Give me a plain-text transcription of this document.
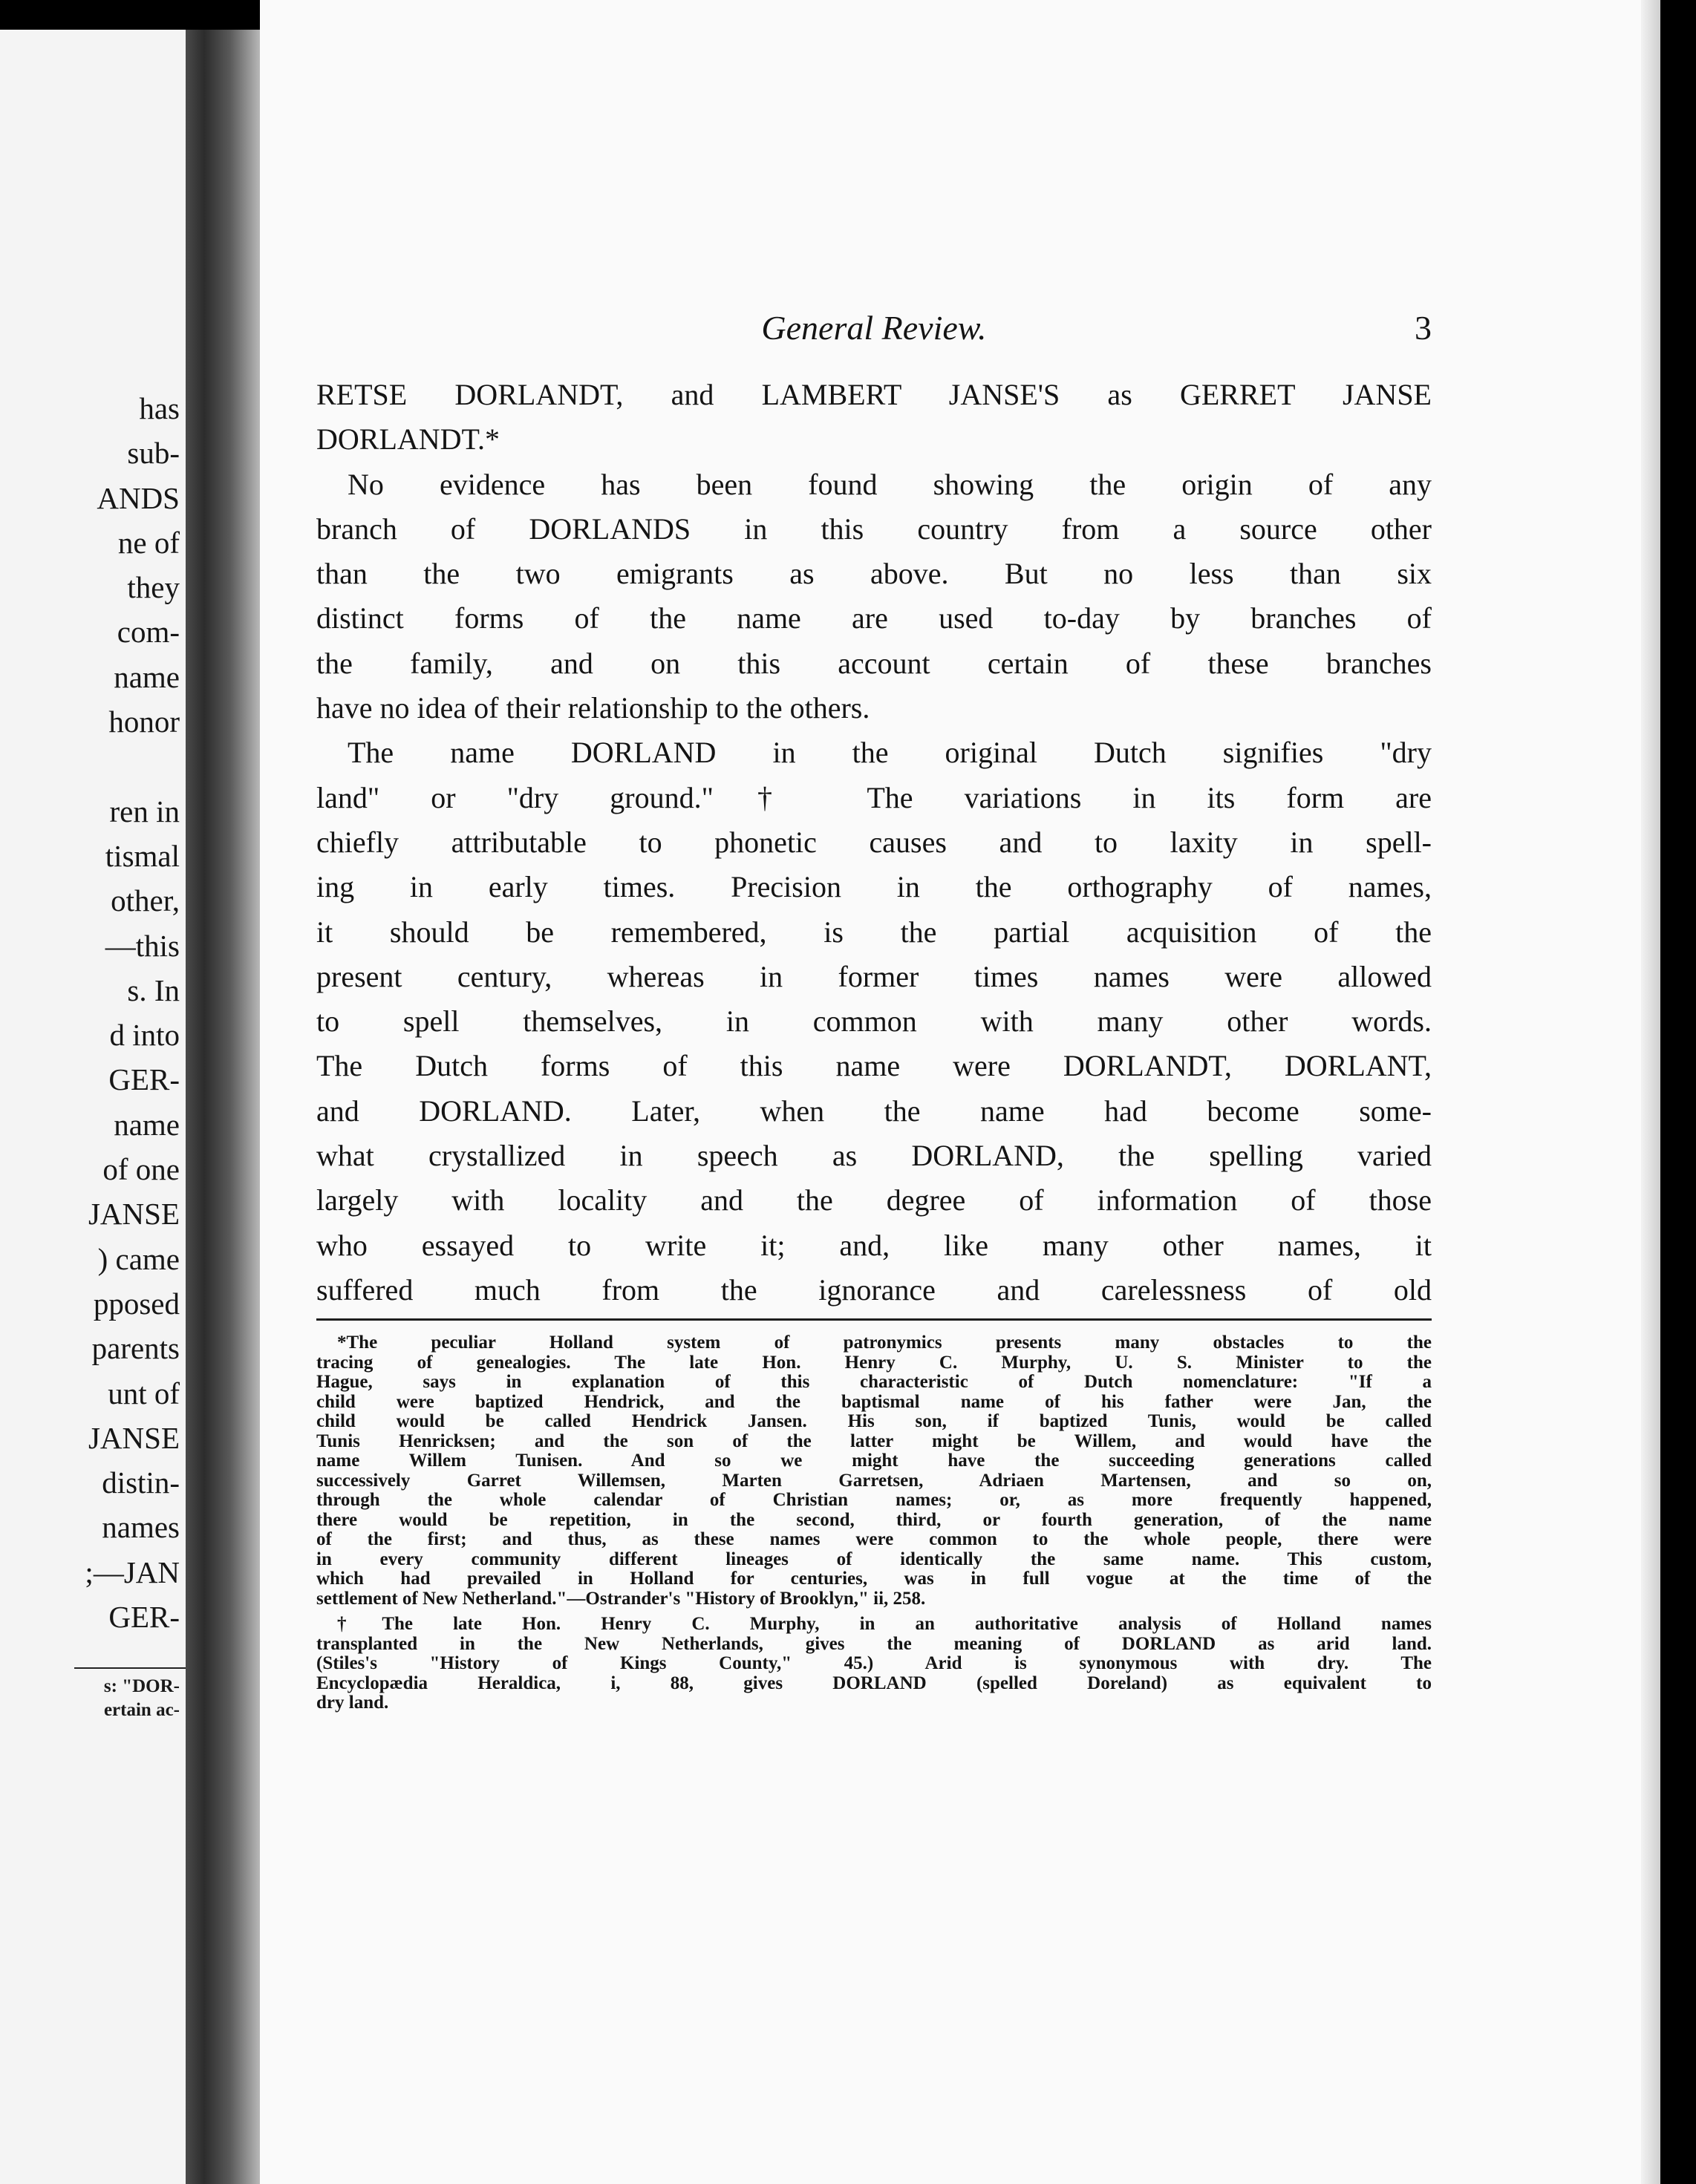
has
sub-
ANDS
ne of
they
com-
name
honor

ren in
tismal
other,
—this
s. In
d into
GER-
name
of one
JANSE
) came
pposed
parents
unt of
JANSE
distin-
names
;—JAN
GER-
s: "DOR-
ertain ac-
General Review.	3
RETSE DORLANDT, and LAMBERT JANSE'S as GERRET JANSE
DORLANDT.*
No evidence has been found showing the origin of any
branch of DORLANDS in this country from a source other
than the two emigrants as above. But no less than six
distinct forms of the name are used to-day by branches of
the family, and on this account certain of these branches
have no idea of their relationship to the others.
The name DORLAND in the original Dutch signifies "dry
land" or "dry ground."† The variations in its form are
chiefly attributable to phonetic causes and to laxity in spell-
ing in early times. Precision in the orthography of names,
it should be remembered, is the partial acquisition of the
present century, whereas in former times names were allowed
to spell themselves, in common with many other words.
The Dutch forms of this name were DORLANDT, DORLANT,
and DORLAND. Later, when the name had become some-
what crystallized in speech as DORLAND, the spelling varied
largely with locality and the degree of information of those
who essayed to write it; and, like many other names, it
suffered much from the ignorance and carelessness of old
*The peculiar Holland system of patronymics presents many obstacles to the
tracing of genealogies. The late Hon. Henry C. Murphy, U. S. Minister to the
Hague, says in explanation of this characteristic of Dutch nomenclature: "If a
child were baptized Hendrick, and the baptismal name of his father were Jan, the
child would be called Hendrick Jansen. His son, if baptized Tunis, would be called
Tunis Henricksen; and the son of the latter might be Willem, and would have the
name Willem Tunisen. And so we might have the succeeding generations called
successively Garret Willemsen, Marten Garretsen, Adriaen Martensen, and so on,
through the whole calendar of Christian names; or, as more frequently happened,
there would be repetition, in the second, third, or fourth generation, of the name
of the first; and thus, as these names were common to the whole people, there were
in every community different lineages of identically the same name. This custom,
which had prevailed in Holland for centuries, was in full vogue at the time of the
settlement of New Netherland."—Ostrander's "History of Brooklyn," ii, 258.
†The late Hon. Henry C. Murphy, in an authoritative analysis of Holland names
transplanted in the New Netherlands, gives the meaning of DORLAND as arid land.
(Stiles's "History of Kings County," 45.) Arid is synonymous with dry. The
Encyclopædia Heraldica, i, 88, gives DORLAND (spelled Doreland) as equivalent to
dry land.
